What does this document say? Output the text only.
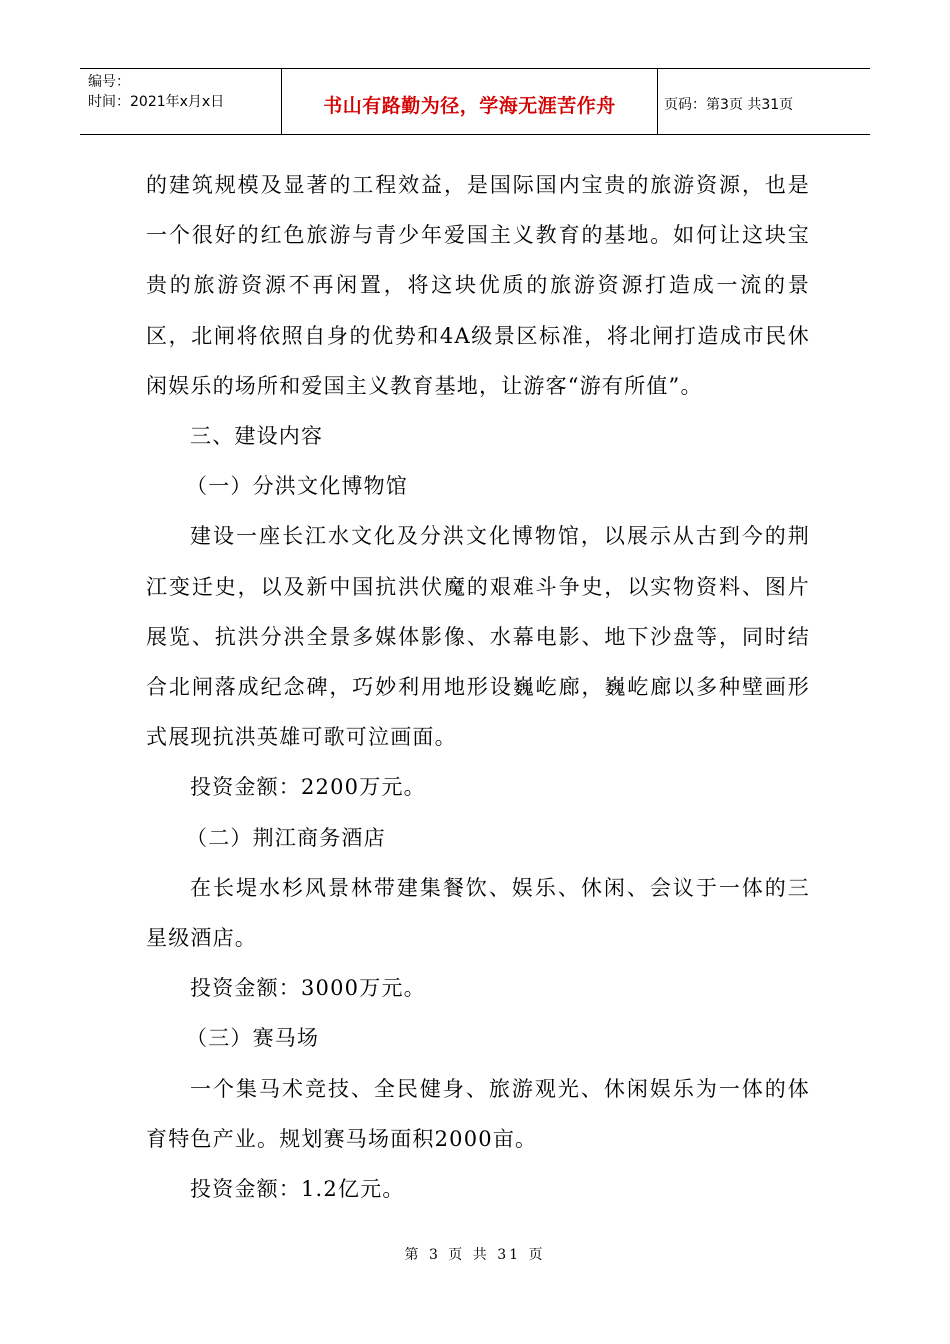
编号：
时间：2021年x月x日	书山有路勤为径，学海无涯苦作舟	页码：第3页 共31页

的建筑规模及显著的工程效益，是国际国内宝贵的旅游资源，也是一个很好的红色旅游与青少年爱国主义教育的基地。如何让这块宝贵的旅游资源不再闲置，将这块优质的旅游资源打造成一流的景区，北闸将依照自身的优势和4A级景区标准，将北闸打造成市民休闲娱乐的场所和爱国主义教育基地，让游客“游有所值”。

三、建设内容

（一）分洪文化博物馆

建设一座长江水文化及分洪文化博物馆，以展示从古到今的荆江变迁史，以及新中国抗洪伏魔的艰难斗争史，以实物资料、图片展览、抗洪分洪全景多媒体影像、水幕电影、地下沙盘等，同时结合北闸落成纪念碑，巧妙利用地形设巍屹廊，巍屹廊以多种壁画形式展现抗洪英雄可歌可泣画面。

投资金额：2200万元。

（二）荆江商务酒店

在长堤水杉风景林带建集餐饮、娱乐、休闲、会议于一体的三星级酒店。

投资金额：3000万元。

（三）赛马场

一个集马术竞技、全民健身、旅游观光、休闲娱乐为一体的体育特色产业。规划赛马场面积2000亩。

投资金额：1.2亿元。

第 3 页 共 31 页
